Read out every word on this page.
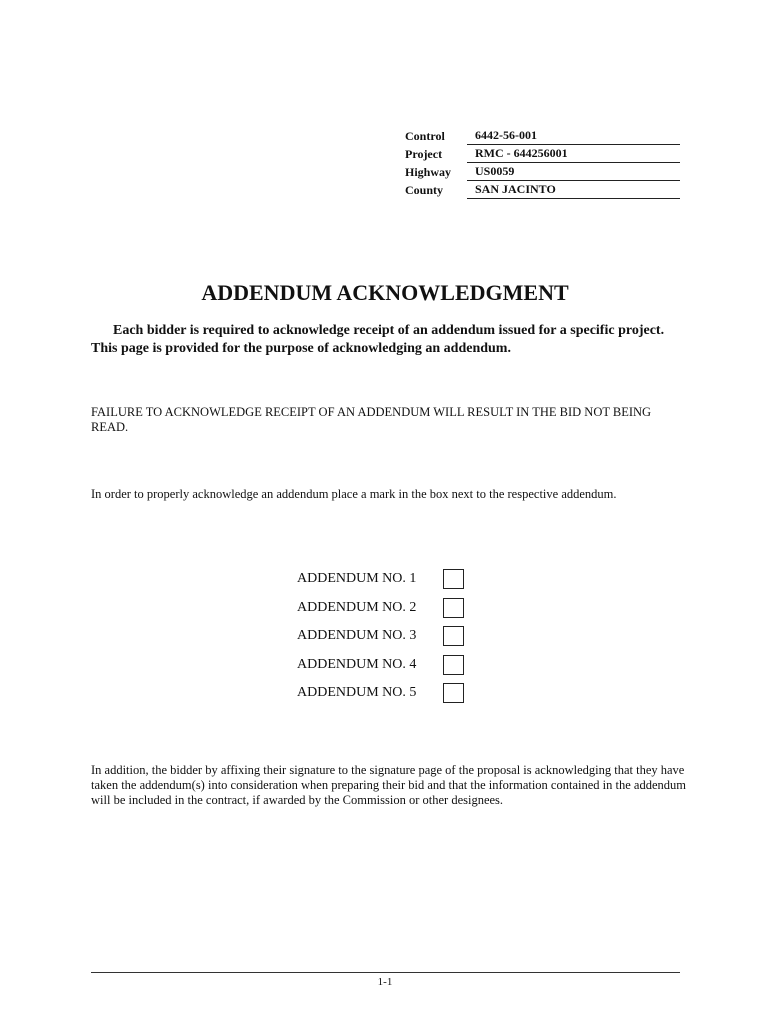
Control	6442-56-001
Project	RMC - 644256001
Highway	US0059
County	SAN JACINTO
ADDENDUM ACKNOWLEDGMENT
Each bidder is required to acknowledge receipt of an addendum issued for a specific project. This page is provided for the purpose of acknowledging an addendum.
FAILURE TO ACKNOWLEDGE RECEIPT OF AN ADDENDUM WILL RESULT IN THE BID NOT BEING READ.
In order to properly acknowledge an addendum place a mark in the box next to the respective addendum.
ADDENDUM NO. 1
ADDENDUM NO. 2
ADDENDUM NO. 3
ADDENDUM NO. 4
ADDENDUM NO. 5
In addition, the bidder by affixing their signature to the signature page of the proposal is acknowledging that they have taken the addendum(s) into consideration when preparing their bid and that the information contained in the addendum will be included in the contract, if awarded by the Commission or other designees.
1-1
